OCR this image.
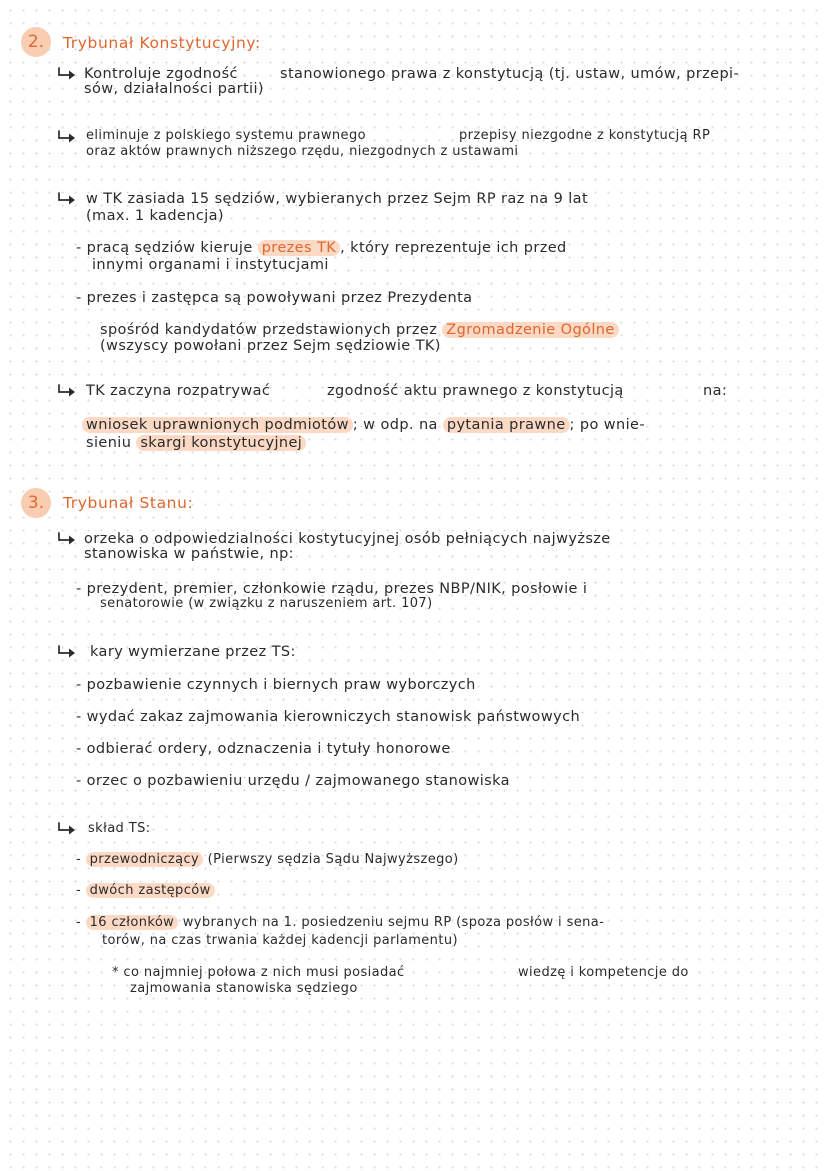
2.	Trybunał Konstytucyjny:
Kontroluje zgodność	stanowionego prawa z konstytucją (tj. ustaw, umów, przepi-
sów, działalności partii)
eliminuje z polskiego systemu prawnego	przepisy niezgodne z konstytucją RP
oraz aktów prawnych niższego rzędu, niezgodnych z ustawami
w TK zasiada 15 sędziów, wybieranych przez Sejm RP raz na 9 lat
(max. 1 kadencja)
- pracą sędziów kieruje prezes TK , który reprezentuje ich przed
innymi organami i instytucjami
- prezes i zastępca są powoływani przez Prezydenta
spośród kandydatów przedstawionych przez Zgromadzenie Ogólne
(wszyscy powołani przez Sejm sędziowie TK)
TK zaczyna rozpatrywać	zgodność aktu prawnego z konstytucją	na:
wniosek uprawnionych podmiotów ; w odp. na pytania prawne ; po wnie-
sieniu skargi konstytucyjnej
3.	Trybunał Stanu:
orzeka o odpowiedzialności kostytucyjnej osób pełniących najwyższe
stanowiska w państwie, np:
- prezydent, premier, członkowie rządu, prezes NBP/NIK, posłowie i
senatorowie (w związku z naruszeniem art. 107)
kary wymierzane przez TS:
- pozbawienie czynnych i biernych praw wyborczych
- wydać zakaz zajmowania kierowniczych stanowisk państwowych
- odbierać ordery, odznaczenia i tytuły honorowe
- orzec o pozbawieniu urzędu / zajmowanego stanowiska
skład TS:
- przewodniczący (Pierwszy sędzia Sądu Najwyższego)
- dwóch zastępców
- 16 członków wybranych na 1. posiedzeniu sejmu RP (spoza posłów i sena-
torów, na czas trwania każdej kadencji parlamentu)
* co najmniej połowa z nich musi posiadać	wiedzę i kompetencje do
zajmowania stanowiska sędziego
